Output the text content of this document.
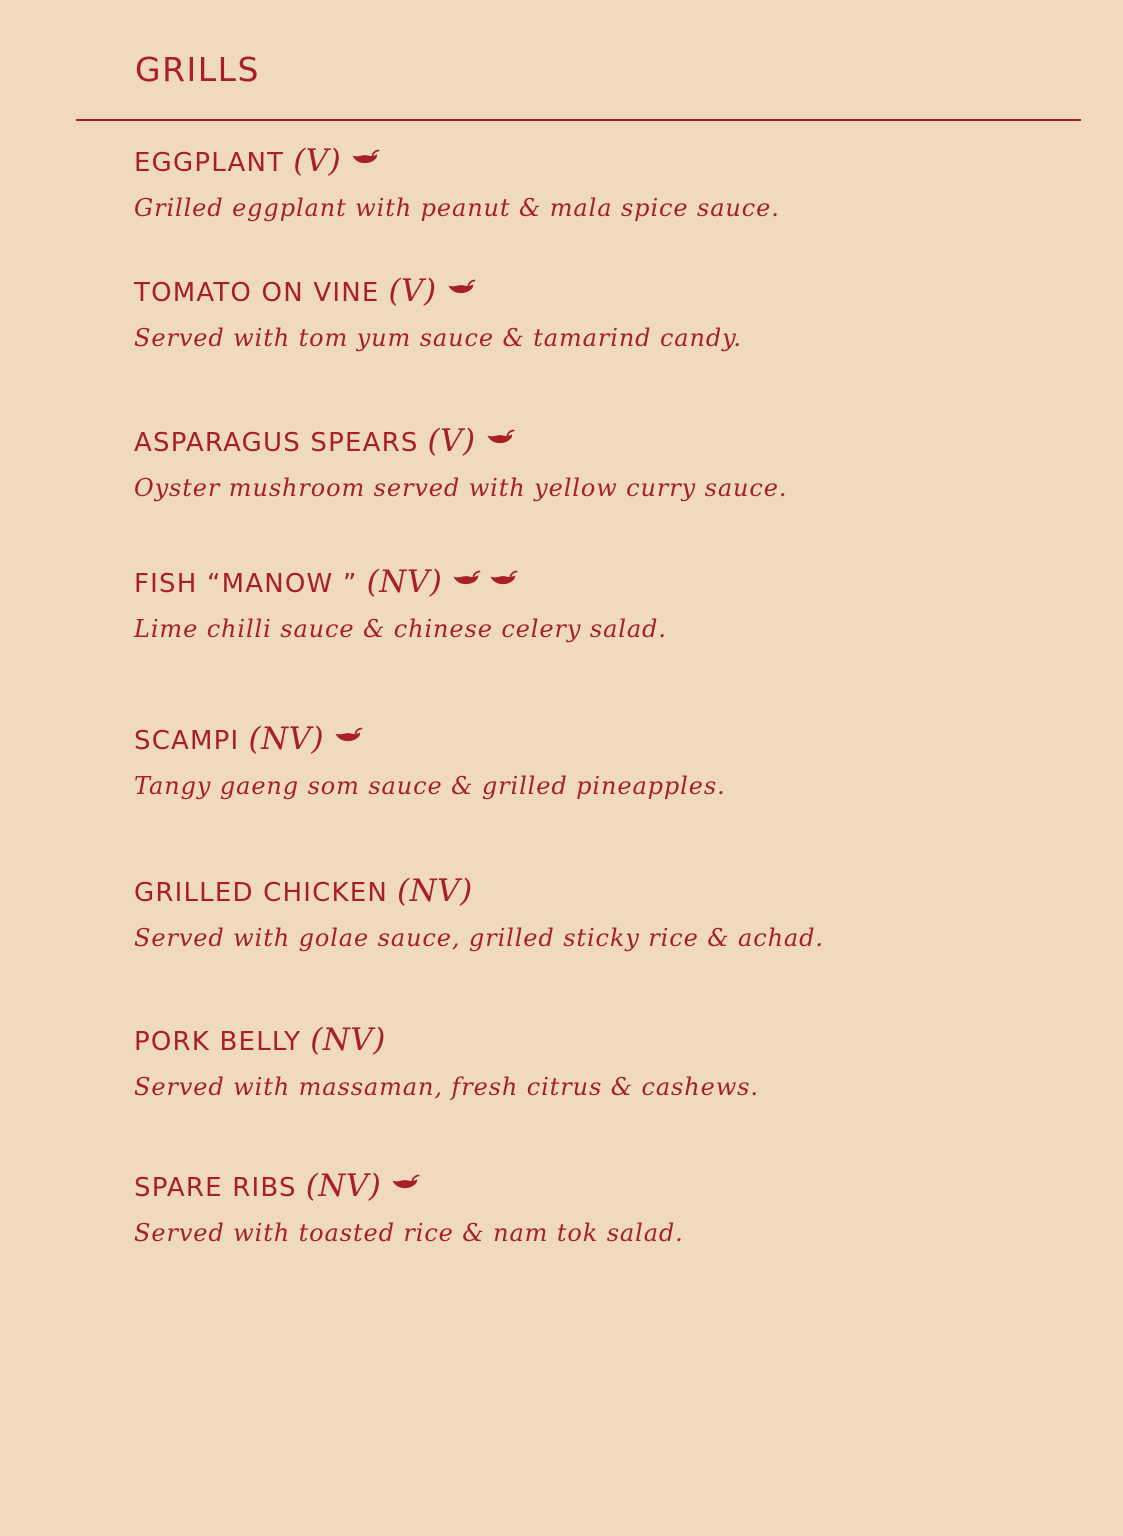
GRILLS
EGGPLANT (V)
Grilled eggplant with peanut & mala spice sauce.
TOMATO ON VINE (V)
Served with tom yum sauce & tamarind candy.
ASPARAGUS SPEARS (V)
Oyster mushroom served with yellow curry sauce.
FISH “MANOW ” (NV)
Lime chilli sauce & chinese celery salad.
SCAMPI (NV)
Tangy gaeng som sauce & grilled pineapples.
GRILLED CHICKEN (NV)
Served with golae sauce, grilled sticky rice & achad.
PORK BELLY (NV)
Served with massaman, fresh citrus & cashews.
SPARE RIBS (NV)
Served with toasted rice & nam tok salad.
